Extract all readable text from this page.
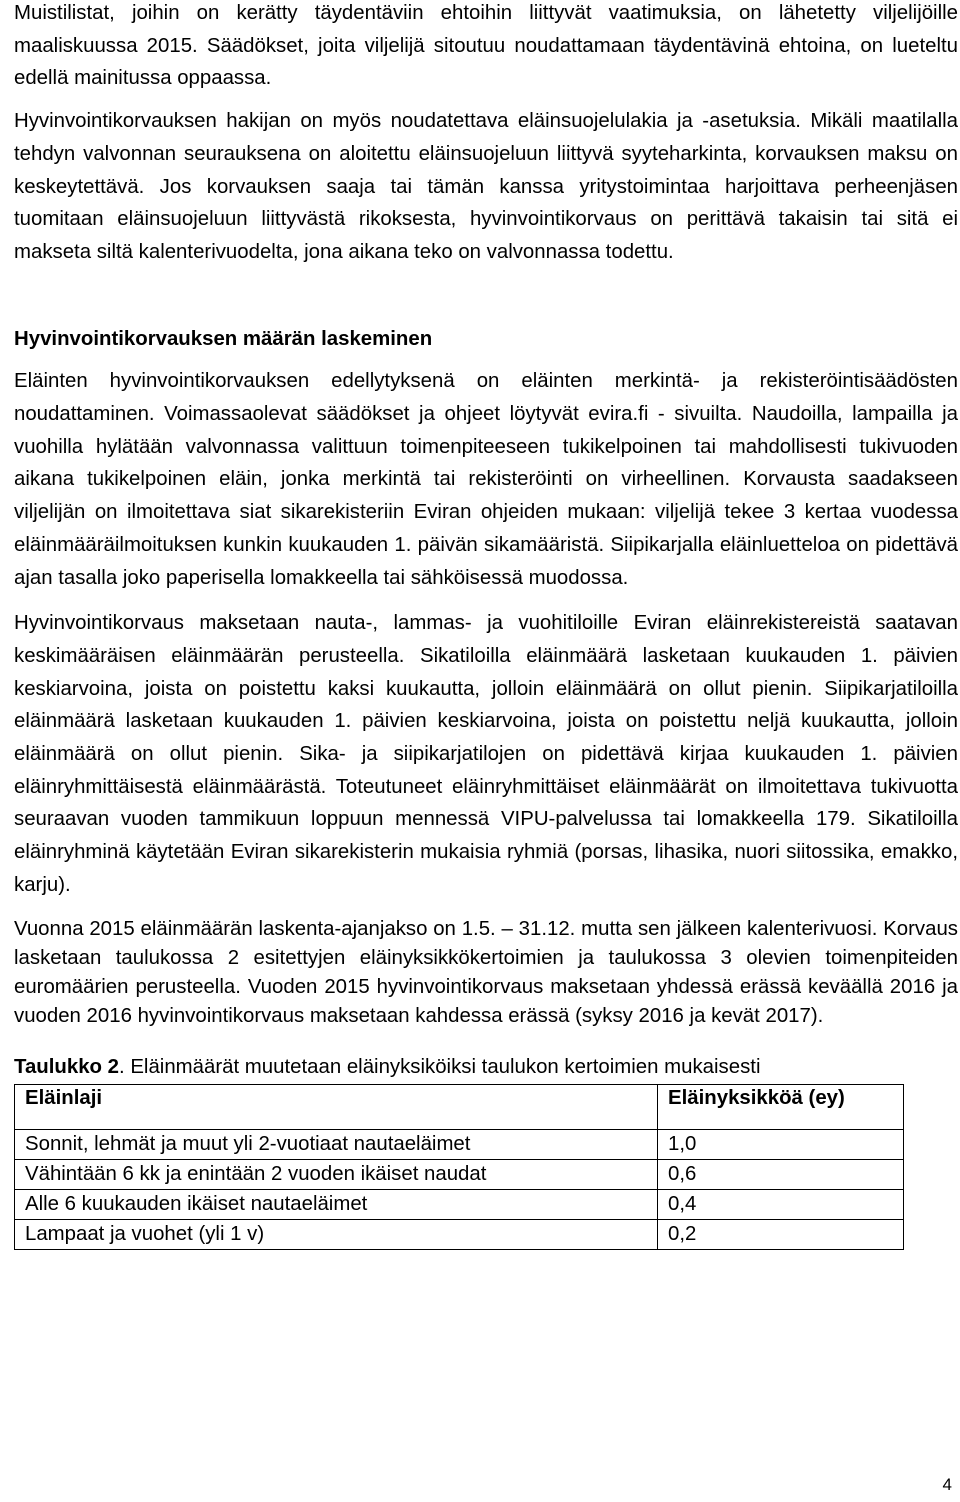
Muistilistat, joihin on kerätty täydentäviin ehtoihin liittyvät vaatimuksia, on lähetetty viljelijöille maaliskuussa 2015. Säädökset, joita viljelijä sitoutuu noudattamaan täydentävinä ehtoina, on lueteltu edellä mainitussa oppaassa.

Hyvinvointikorvauksen hakijan on myös noudatettava eläinsuojelulakia ja -asetuksia. Mikäli maatilalla tehdyn valvonnan seurauksena on aloitettu eläinsuojeluun liittyvä syyteharkinta, korvauksen maksu on keskeytettävä. Jos korvauksen saaja tai tämän kanssa yritystoimintaa harjoittava perheenjäsen tuomitaan eläinsuojeluun liittyvästä rikoksesta, hyvinvointikorvaus on perittävä takaisin tai sitä ei makseta siltä kalenterivuodelta, jona aikana teko on valvonnassa todettu.

Hyvinvointikorvauksen määrän laskeminen

Eläinten hyvinvointikorvauksen edellytyksenä on eläinten merkintä- ja rekisteröintisäädösten noudattaminen. Voimassaolevat säädökset ja ohjeet löytyvät evira.fi - sivuilta. Naudoilla, lampailla ja vuohilla hylätään valvonnassa valittuun toimenpiteeseen tukikelpoinen tai mahdollisesti tukivuoden aikana tukikelpoinen eläin, jonka merkintä tai rekisteröinti on virheellinen. Korvausta saadakseen viljelijän on ilmoitettava siat sikarekisteriin Eviran ohjeiden mukaan: viljelijä tekee 3 kertaa vuodessa eläinmääräilmoituksen kunkin kuukauden 1. päivän sikamääristä. Siipikarjalla eläinluetteloa on pidettävä ajan tasalla joko paperisella lomakkeella tai sähköisessä muodossa.

Hyvinvointikorvaus maksetaan nauta-, lammas- ja vuohitiloille Eviran eläinrekistereistä saatavan keskimääräisen eläinmäärän perusteella. Sikatiloilla eläinmäärä lasketaan kuukauden 1. päivien keskiarvoina, joista on poistettu kaksi kuukautta, jolloin eläinmäärä on ollut pienin. Siipikarjatiloilla eläinmäärä lasketaan kuukauden 1. päivien keskiarvoina, joista on poistettu neljä kuukautta, jolloin eläinmäärä on ollut pienin. Sika- ja siipikarjatilojen on pidettävä kirjaa kuukauden 1. päivien eläinryhmittäisestä eläinmäärästä. Toteutuneet eläinryhmittäiset eläinmäärät on ilmoitettava tukivuotta seuraavan vuoden tammikuun loppuun mennessä VIPU-palvelussa tai lomakkeella 179. Sikatiloilla eläinryhminä käytetään Eviran sikarekisterin mukaisia ryhmiä (porsas, lihasika, nuori siitossika, emakko, karju).

Vuonna 2015 eläinmäärän laskenta-ajanjakso on 1.5. – 31.12. mutta sen jälkeen kalenterivuosi. Korvaus lasketaan taulukossa 2 esitettyjen eläinyksikkökertoimien ja taulukossa 3 olevien toimenpiteiden euromäärien perusteella. Vuoden 2015 hyvinvointikorvaus maksetaan yhdessä erässä keväällä 2016 ja vuoden 2016 hyvinvointikorvaus maksetaan kahdessa erässä (syksy 2016 ja kevät 2017).

Taulukko 2. Eläinmäärät muutetaan eläinyksiköiksi taulukon kertoimien mukaisesti

Eläinlaji	Eläinyksikköä (ey)
Sonnit, lehmät ja muut yli 2-vuotiaat nautaeläimet	1,0
Vähintään 6 kk ja enintään 2 vuoden ikäiset naudat	0,6
Alle 6 kuukauden ikäiset nautaeläimet	0,4
Lampaat ja vuohet (yli 1 v)	0,2
4
